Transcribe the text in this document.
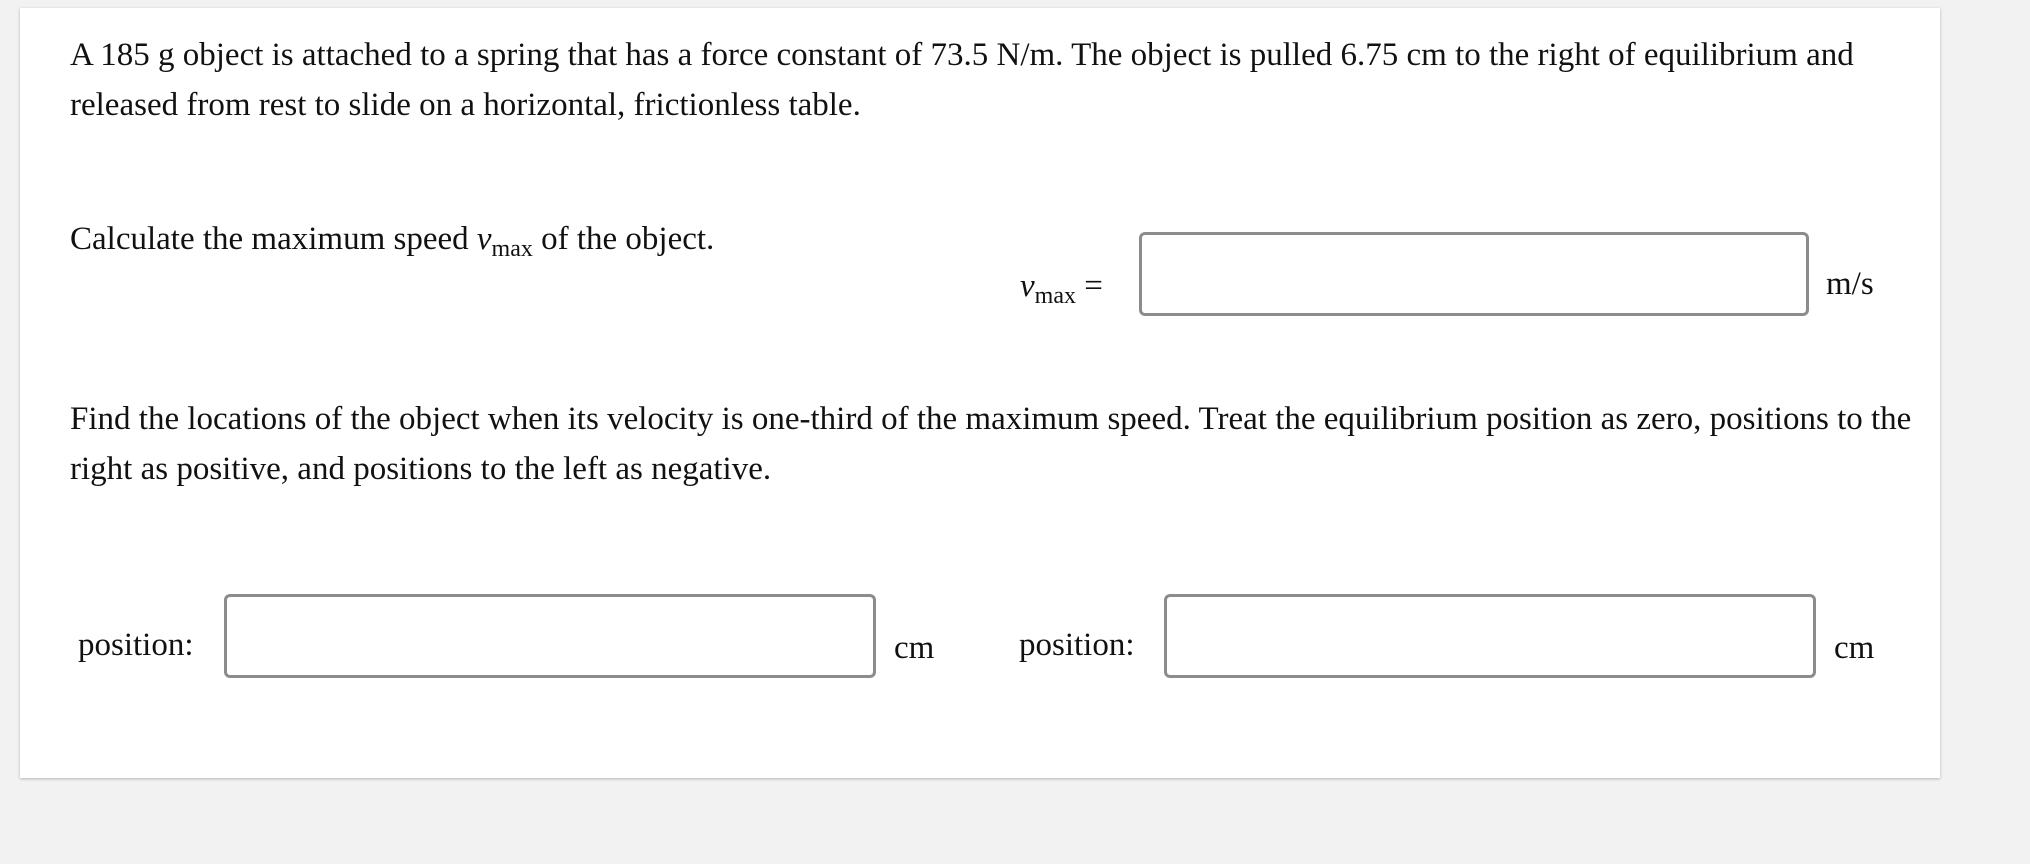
A 185 g object is attached to a spring that has a force constant of 73.5 N/m. The object is pulled 6.75 cm to the right of equilibrium and released from rest to slide on a horizontal, frictionless table.

Calculate the maximum speed $v_{max}$ of the object.
$v_{max}$ =	m/s

Find the locations of the object when its velocity is one-third of the maximum speed. Treat the equilibrium position as zero, positions to the right as positive, and positions to the left as negative.

position:	cm	position:	cm
